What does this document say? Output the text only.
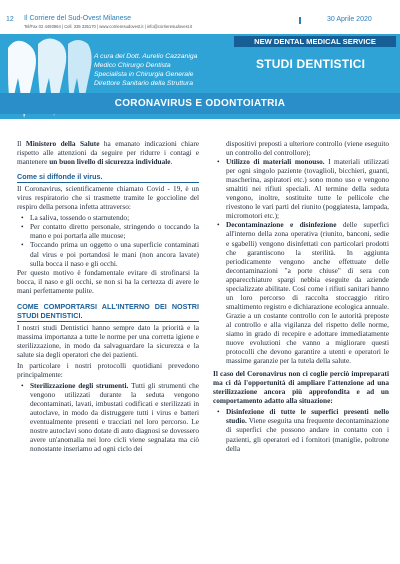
12 Il Corriere del Sud-Ovest Milanese
Tel/Fax 02 4493964 | Cell. 335 335170 | www.corrieresudovest.it | info@corrieresudovest.it
30 Aprile 2020
NEW DENTAL MEDICAL SERVICE
STUDI DENTISTICI
A cura del Dott. Aurelio Cazzaniga
Medico Chirurgo Dentista
Specialista in Chirurgia Generale
Direttore Sanitario della Struttura
CORONAVIRUS E ODONTOIATRIA

Il Ministero della Salute ha emanato indicazioni chiare rispetto alle attenzioni da seguire per ridurre i contagi e mantenere un buon livello di sicurezza individuale.

Come si diffonde il virus.

Il Coronavirus, scientificamente chiamato Covid - 19, è un virus respiratorio che si trasmette tramite le goccioline del respiro della persona infetta attraverso:

• La saliva, tossendo o starnutendo;
• Per contatto diretto personale, stringendo o toccando la mano e poi portarla alle mucose;
• Toccando prima un oggetto o una superficie contaminati dal virus e poi portandosi le mani (non ancora lavate) sulla bocca il naso e gli occhi.

Per questo motivo è fondamentale evitare di strofinarsi la bocca, il naso e gli occhi, se non si ha la certezza di avere le mani perfettamente pulite.

COME COMPORTARSI ALL'INTERNO DEI NOSTRI STUDI DENTISTICI.

I nostri studi Dentistici hanno sempre dato la priorità e la massima importanza a tutte le norme per una corretta igiene e sterilizzazione, in modo da salvaguardare la sicurezza e la salute sia degli operatori che dei pazienti.

In particolare i nostri protocolli quotidiani prevedono principalmente:

• Sterilizzazione degli strumenti. Tutti gli strumenti che vengono utilizzati durante la seduta vengono decontaminati, lavati, imbustati codificati e sterilizzati in autoclave, in modo da distruggere tutti i virus e batteri eventualmente presenti e tracciati nel loro percorso. Le nostre autoclavi sono dotate di auto diagnosi se dovessero avere un'anomalia nei loro cicli viene segnalata ma ciò nonostante inseriamo ad ogni ciclo dei
dispositivi preposti a ulteriore controllo (viene eseguito un controllo del controllore);
• Utilizzo di materiali monouso. I materiali utilizzati per ogni singolo paziente (tovaglioli, bicchieri, guanti, mascherina, aspiratori etc.) sono mono uso e vengono smaltiti nei rifiuti speciali. Al termine della seduta vengono, inoltre, sostituite tutte le pellicole che rivestono le vari parti del riunito (poggiatesta, lampada, micromotori etc.);
• Decontaminazione e disinfezione delle superfici all'interno della zona operativa (riunito, banconi, sedie e sgabelli) vengono disinfettati con particolari prodotti che garantiscono la sterilità. In aggiunta periodicamente vengono anche effettuate delle decontaminazioni "a porte chiuse" di sera con apparecchiature spargi nebbia eseguite da aziende specializzate abilitate. Così come i rifiuti sanitari hanno un loro percorso di raccolta stoccaggio ritiro smaltimento registro e dichiarazione ecologica annuale. Grazie a un costante controllo con le autorità preposte al controllo e alla vigilanza del rispetto delle norme, siamo in grado di recepire e adottare immediatamente nuove evoluzioni che vanno a migliorare questi protocolli che devono garantire a utenti e operatori le massime garanzie per la tutela della salute.

Il caso del Coronavirus non ci coglie perciò impreparati ma ci dà l'opportunità di ampliare l'attenzione ad una sterilizzazione ancora più approfondita e ad un comportamento adatto alla situazione:

• Disinfezione di tutte le superfici presenti nello studio. Viene eseguita una frequente decontaminazione di superfici che possono andare in contatto con i pazienti, gli operatori ed i fornitori (maniglie, poltrone della
